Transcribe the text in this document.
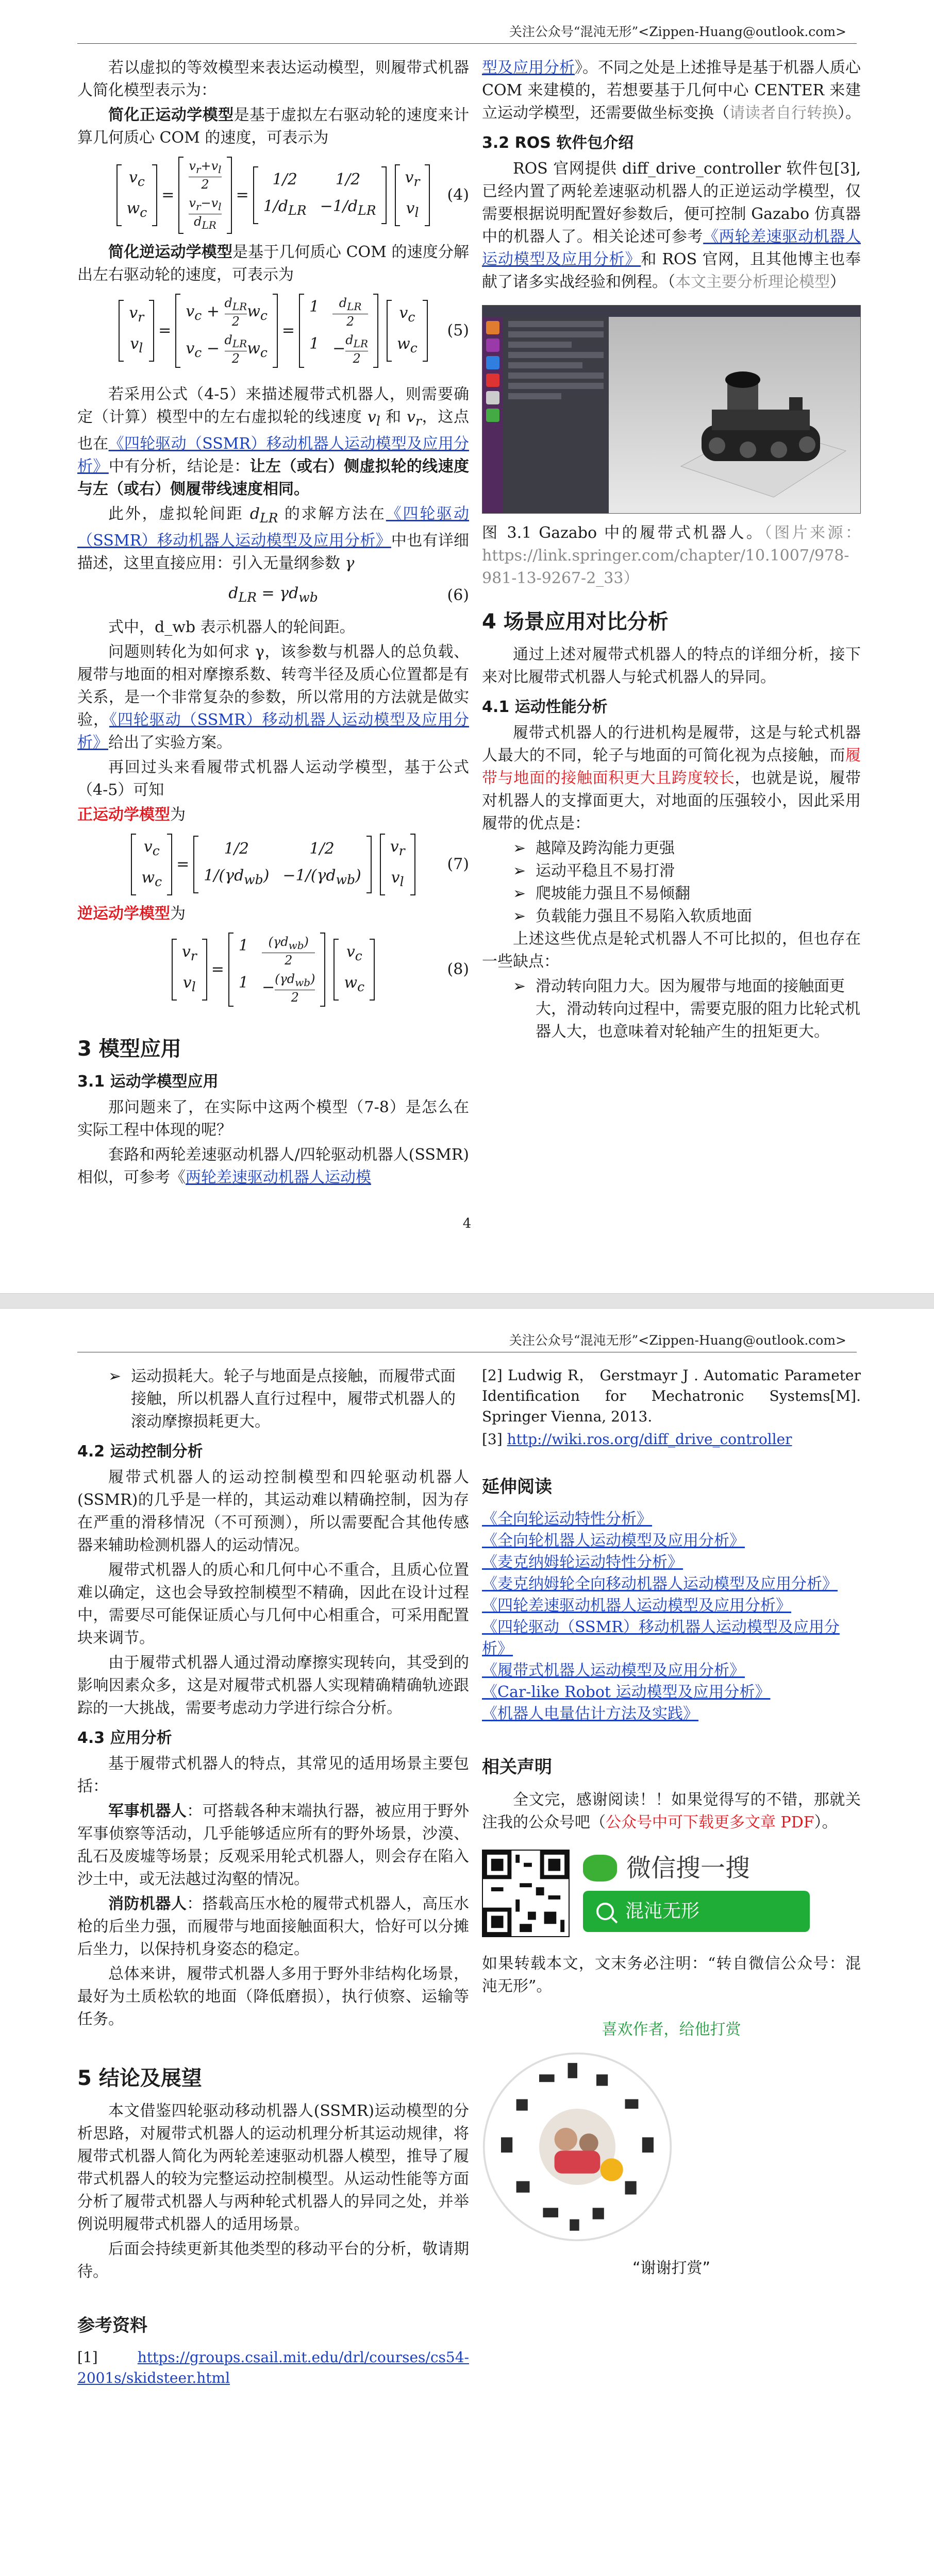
关注公众号“混沌无形”<Zippen-Huang@outlook.com>

若以虚拟的等效模型来表达运动模型，则履带式机器人简化模型表示为：

简化正运动学模型是基于虚拟左右驱动轮的速度来计算几何质心 COM 的速度，可表示为

$v_c$
$w_c$
=
$\frac{v_r+v_l}{2}$
$\frac{v_r-v_l}{d_{LR}}$
=
1/2	1/2
$1/d_{LR} -1/d_{LR}$
$v_r$
$v_l$
(4)

简化逆运动学模型是基于几何质心 COM 的速度分解出左右驱动轮的速度，可表示为

$v_r$
$v_l$
=
$v_c + \frac{d_{LR}}{2} w_c$
$v_c - \frac{d_{LR}}{2} w_c$
=
$1 \frac{d_{LR}}{2}$
$1 - \frac{d_{LR}}{2}$
$v_c$
$w_c$
(5)

若采用公式（4-5）来描述履带式机器人，则需要确定（计算）模型中的左右虚拟轮的线速度 $v_l$ 和 $v_r$，这点也在《四轮驱动（SSMR）移动机器人运动模型及应用分析》中有分析，结论是：让左（或右）侧虚拟轮的线速度与左（或右）侧履带线速度相同。

此外，虚拟轮间距 $d_{LR}$ 的求解方法在《四轮驱动（SSMR）移动机器人运动模型及应用分析》中也有详细描述，这里直接应用：引入无量纲参数 γ

$d_{LR} = \gamma d_{wb}$	(6)

式中，d_wb 表示机器人的轮间距。

问题则转化为如何求 γ，该参数与机器人的总负载、履带与地面的相对摩擦系数、转弯半径及质心位置都是有关系，是一个非常复杂的参数，所以常用的方法就是做实验，《四轮驱动（SSMR）移动机器人运动模型及应用分析》给出了实验方案。

再回过头来看履带式机器人运动学模型，基于公式（4-5）可知

正运动学模型为

$v_c$
$w_c$
=
1/2	1/2
$1/(\gamma d_{wb}) -1/(\gamma d_{wb})$
$v_r$
$v_l$
(7)

逆运动学模型为

$v_r$
$v_l$
=
$1 \frac{(\gamma d_{wb})}{2}$
$1 - \frac{(\gamma d_{wb})}{2}$
$v_c$
$w_c$
(8)
3 模型应用
3.1 运动学模型应用

那问题来了，在实际中这两个模型（7-8）是怎么在实际工程中体现的呢？

套路和两轮差速驱动机器人/四轮驱动机器人(SSMR)相似，可参考《两轮差速驱动机器人运动模

型及应用分析》。不同之处是上述推导是基于机器人质心 COM 来建模的，若想要基于几何中心 CENTER 来建立运动学模型，还需要做坐标变换（请读者自行转换）。

3.2 ROS 软件包介绍

ROS 官网提供 diff_drive_controller 软件包[3],已经内置了两轮差速驱动机器人的正逆运动学模型，仅需要根据说明配置好参数后，便可控制 Gazabo 仿真器中的机器人了。相关论述可参考《两轮差速驱动机器人运动模型及应用分析》和 ROS 官网，且其他博主也奉献了诸多实战经验和例程。（本文主要分析理论模型）

图 3.1 Gazabo 中的履带式机器人。（图片来源：https://link.springer.com/chapter/10.1007/978-981-13-9267-2_33）

4 场景应用对比分析

通过上述对履带式机器人的特点的详细分析，接下来对比履带式机器人与轮式机器人的异同。

4.1 运动性能分析

履带式机器人的行进机构是履带，这是与轮式机器人最大的不同，轮子与地面的可简化视为点接触，而履带与地面的接触面积更大且跨度较长，也就是说，履带对机器人的支撑面更大，对地面的压强较小，因此采用履带的优点是：

➢ 越障及跨沟能力更强
➢ 运动平稳且不易打滑
➢ 爬坡能力强且不易倾翻
➢ 负载能力强且不易陷入软质地面

上述这些优点是轮式机器人不可比拟的，但也存在一些缺点：

➢ 滑动转向阻力大。因为履带与地面的接触面更大，滑动转向过程中，需要克服的阻力比轮式机器人大，也意味着对轮轴产生的扭矩更大。
4
关注公众号“混沌无形”<Zippen-Huang@outlook.com>
➢ 运动损耗大。轮子与地面是点接触，而履带式面接触，所以机器人直行过程中，履带式机器人的滚动摩擦损耗更大。
4.2 运动控制分析

履带式机器人的运动控制模型和四轮驱动机器人(SSMR)的几乎是一样的，其运动难以精确控制，因为存在严重的滑移情况（不可预测），所以需要配合其他传感器来辅助检测机器人的运动情况。

履带式机器人的质心和几何中心不重合，且质心位置难以确定，这也会导致控制模型不精确，因此在设计过程中，需要尽可能保证质心与几何中心相重合，可采用配置块来调节。

由于履带式机器人通过滑动摩擦实现转向，其受到的影响因素众多，这是对履带式机器人实现精确精确轨迹跟踪的一大挑战，需要考虑动力学进行综合分析。

4.3 应用分析

基于履带式机器人的特点，其常见的适用场景主要包括：

军事机器人：可搭载各种末端执行器，被应用于野外军事侦察等活动，几乎能够适应所有的野外场景，沙漠、乱石及废墟等场景；反观采用轮式机器人，则会存在陷入沙土中，或无法越过沟壑的情况。

消防机器人：搭载高压水枪的履带式机器人，高压水枪的后坐力强，而履带与地面接触面积大，恰好可以分摊后坐力，以保持机身姿态的稳定。

总体来讲，履带式机器人多用于野外非结构化场景，最好为土质松软的地面（降低磨损），执行侦察、运输等任务。

5 结论及展望

本文借鉴四轮驱动移动机器人(SSMR)运动模型的分析思路，对履带式机器人的运动机理分析其运动规律，将履带式机器人简化为两轮差速驱动机器人模型，推导了履带式机器人的较为完整运动控制模型。从运动性能等方面分析了履带式机器人与两种轮式机器人的异同之处，并举例说明履带式机器人的适用场景。

后面会持续更新其他类型的移动平台的分析，敬请期待。

参考资料

[1] https://groups.csail.mit.edu/drl/courses/cs54-2001s/skidsteer.html

[2] Ludwig R， Gerstmayr J . Automatic Parameter Identification for Mechatronic Systems[M]. Springer Vienna, 2013.

[3] http://wiki.ros.org/diff_drive_controller

延伸阅读
《全向轮运动特性分析》
《全向轮机器人运动模型及应用分析》
《麦克纳姆轮运动特性分析》
《麦克纳姆轮全向移动机器人运动模型及应用分析》
《四轮差速驱动机器人运动模型及应用分析》
《四轮驱动（SSMR）移动机器人运动模型及应用分析》
《履带式机器人运动模型及应用分析》
《Car-like Robot 运动模型及应用分析》
《机器人电量估计方法及实践》
相关声明

全文完，感谢阅读！！如果觉得写的不错，那就关注我的公众号吧（公众号中可下载更多文章 PDF）。

微信搜一搜
混沌无形

如果转载本文，文末务必注明：“转自微信公众号：混沌无形”。

喜欢作者，给他打赏
“谢谢打赏”
